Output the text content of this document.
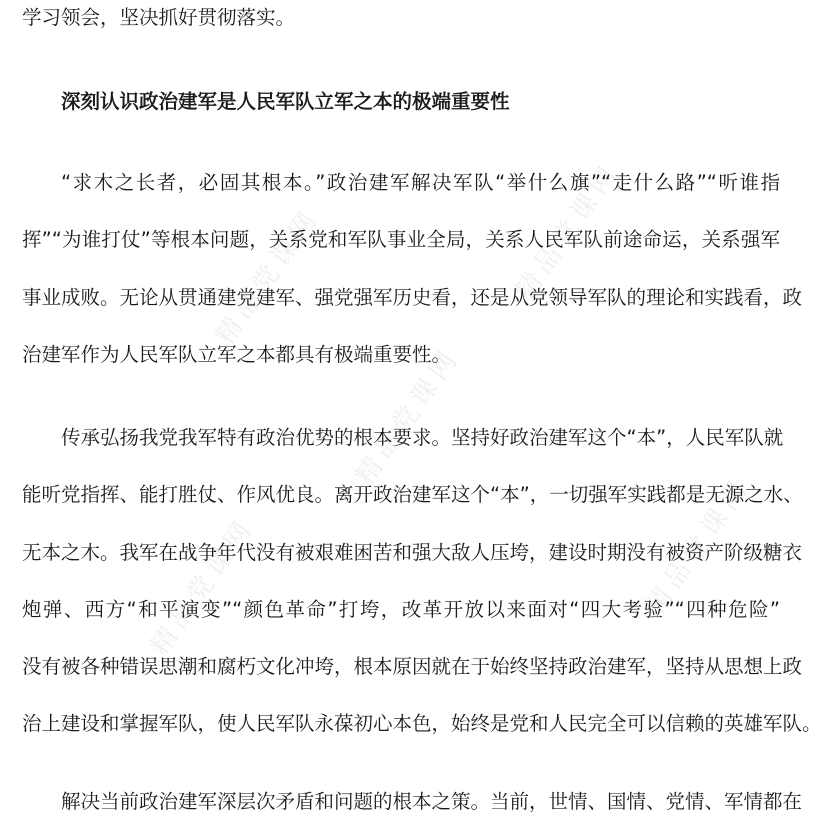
精品党课网	精品党课网
精品党课网
精品党课网
精品党课网
学习领会，坚决抓好贯彻落实。
深刻认识政治建军是人民军队立军之本的极端重要性
“求木之长者，必固其根本。”政治建军解决军队“举什么旗”“走什么路”“听谁指
挥”“为谁打仗”等根本问题，关系党和军队事业全局，关系人民军队前途命运，关系强军
事业成败。无论从贯通建党建军、强党强军历史看，还是从党领导军队的理论和实践看，政
治建军作为人民军队立军之本都具有极端重要性。
传承弘扬我党我军特有政治优势的根本要求。坚持好政治建军这个“本”，人民军队就
能听党指挥、能打胜仗、作风优良。离开政治建军这个“本”，一切强军实践都是无源之水、
无本之木。我军在战争年代没有被艰难困苦和强大敌人压垮，建设时期没有被资产阶级糖衣
炮弹、西方“和平演变”“颜色革命”打垮，改革开放以来面对“四大考验”“四种危险”
没有被各种错误思潮和腐朽文化冲垮，根本原因就在于始终坚持政治建军，坚持从思想上政
治上建设和掌握军队，使人民军队永葆初心本色，始终是党和人民完全可以信赖的英雄军队。
解决当前政治建军深层次矛盾和问题的根本之策。当前，世情、国情、党情、军情都在
